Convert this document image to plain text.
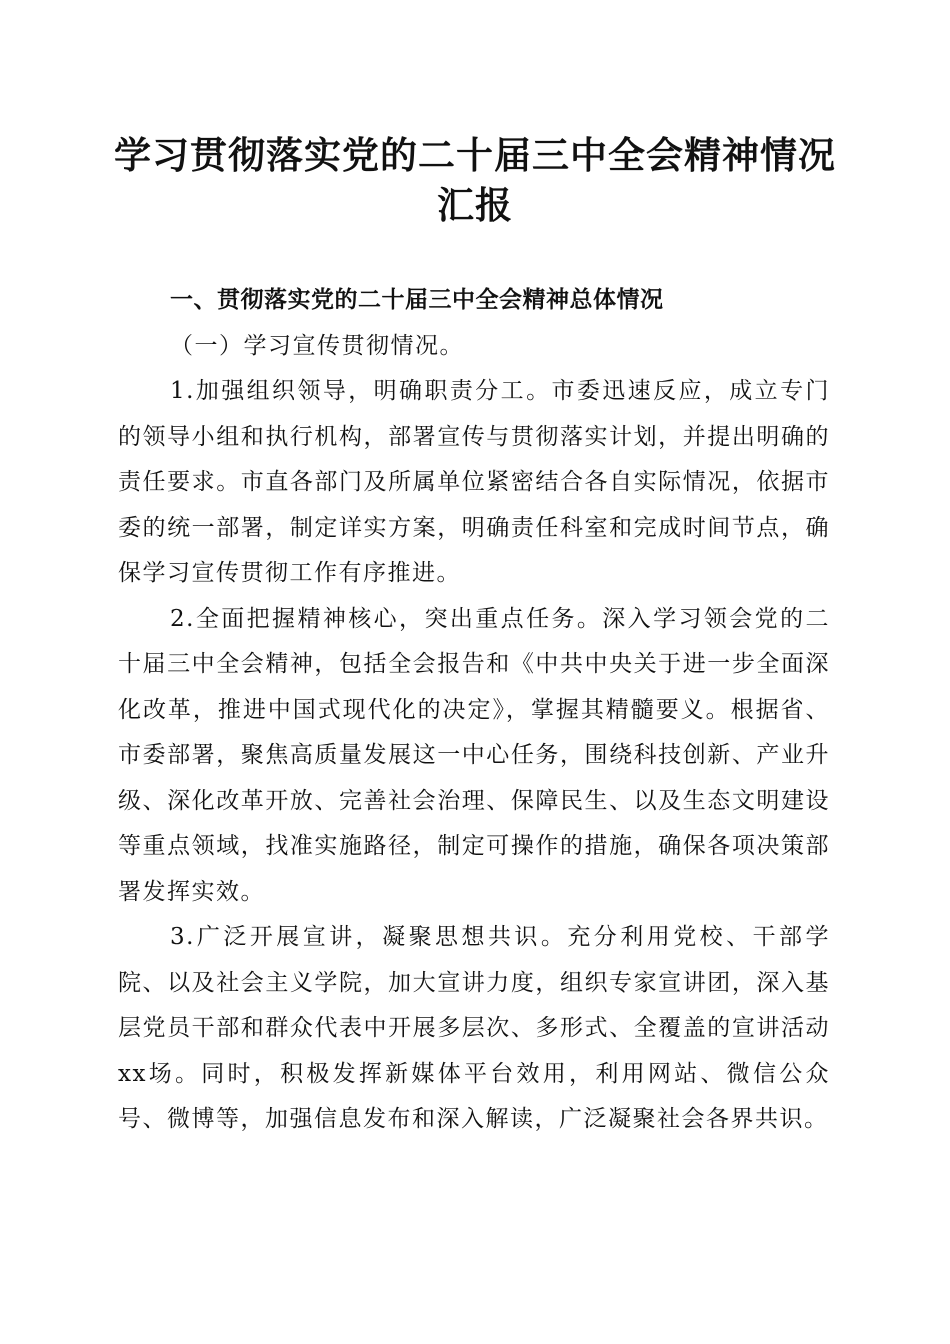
学习贯彻落实党的二十届三中全会精神情况汇报

一、贯彻落实党的二十届三中全会精神总体情况

（一）学习宣传贯彻情况。

1.加强组织领导，明确职责分工。市委迅速反应，成立专门的领导小组和执行机构，部署宣传与贯彻落实计划，并提出明确的责任要求。市直各部门及所属单位紧密结合各自实际情况，依据市委的统一部署，制定详实方案，明确责任科室和完成时间节点，确保学习宣传贯彻工作有序推进。

2.全面把握精神核心，突出重点任务。深入学习领会党的二十届三中全会精神，包括全会报告和《中共中央关于进一步全面深化改革，推进中国式现代化的决定》，掌握其精髓要义。根据省、市委部署，聚焦高质量发展这一中心任务，围绕科技创新、产业升级、深化改革开放、完善社会治理、保障民生、以及生态文明建设等重点领域，找准实施路径，制定可操作的措施，确保各项决策部署发挥实效。

3.广泛开展宣讲，凝聚思想共识。充分利用党校、干部学院、以及社会主义学院，加大宣讲力度，组织专家宣讲团，深入基层党员干部和群众代表中开展多层次、多形式、全覆盖的宣讲活动xx场。同时，积极发挥新媒体平台效用，利用网站、微信公众号、微博等，加强信息发布和深入解读，广泛凝聚社会各界共识。
